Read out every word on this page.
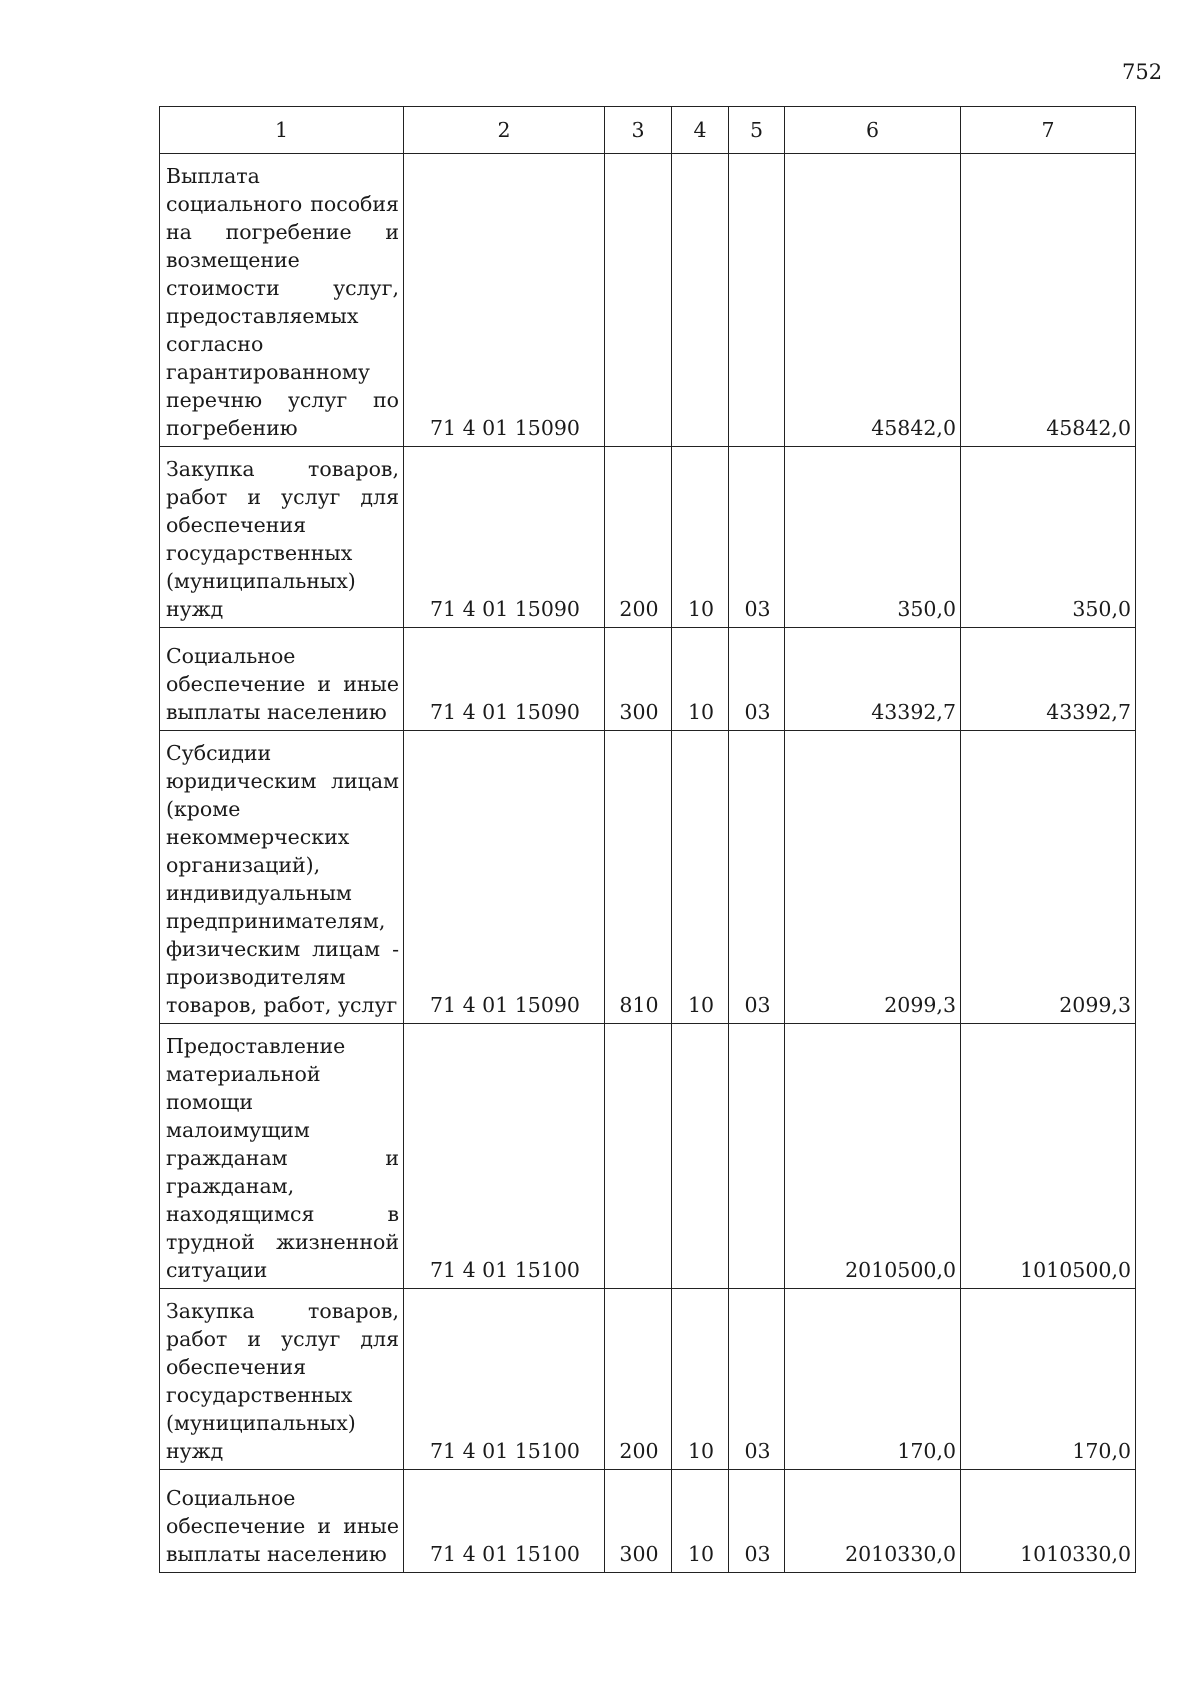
752
1	2	3	4	5	6	7
Выплата социального пособия на погребение и возмещение стоимости услуг, предоставляемых согласно гарантированному перечню услуг по погребению	71 4 01 15090				45842,0	45842,0
Закупка товаров, работ и услуг для обеспечения государственных (муниципальных) нужд	71 4 01 15090	200	10	03	350,0	350,0
Социальное обеспечение и иные выплаты населению	71 4 01 15090	300	10	03	43392,7	43392,7
Субсидии юридическим лицам (кроме некоммерческих организаций), индивидуальным предпринимателям, физическим лицам - производителям товаров, работ, услуг	71 4 01 15090	810	10	03	2099,3	2099,3
Предоставление материальной помощи малоимущим гражданам и гражданам, находящимся в трудной жизненной ситуации	71 4 01 15100				2010500,0	1010500,0
Закупка товаров, работ и услуг для обеспечения государственных (муниципальных) нужд	71 4 01 15100	200	10	03	170,0	170,0
Социальное обеспечение и иные выплаты населению	71 4 01 15100	300	10	03	2010330,0	1010330,0
